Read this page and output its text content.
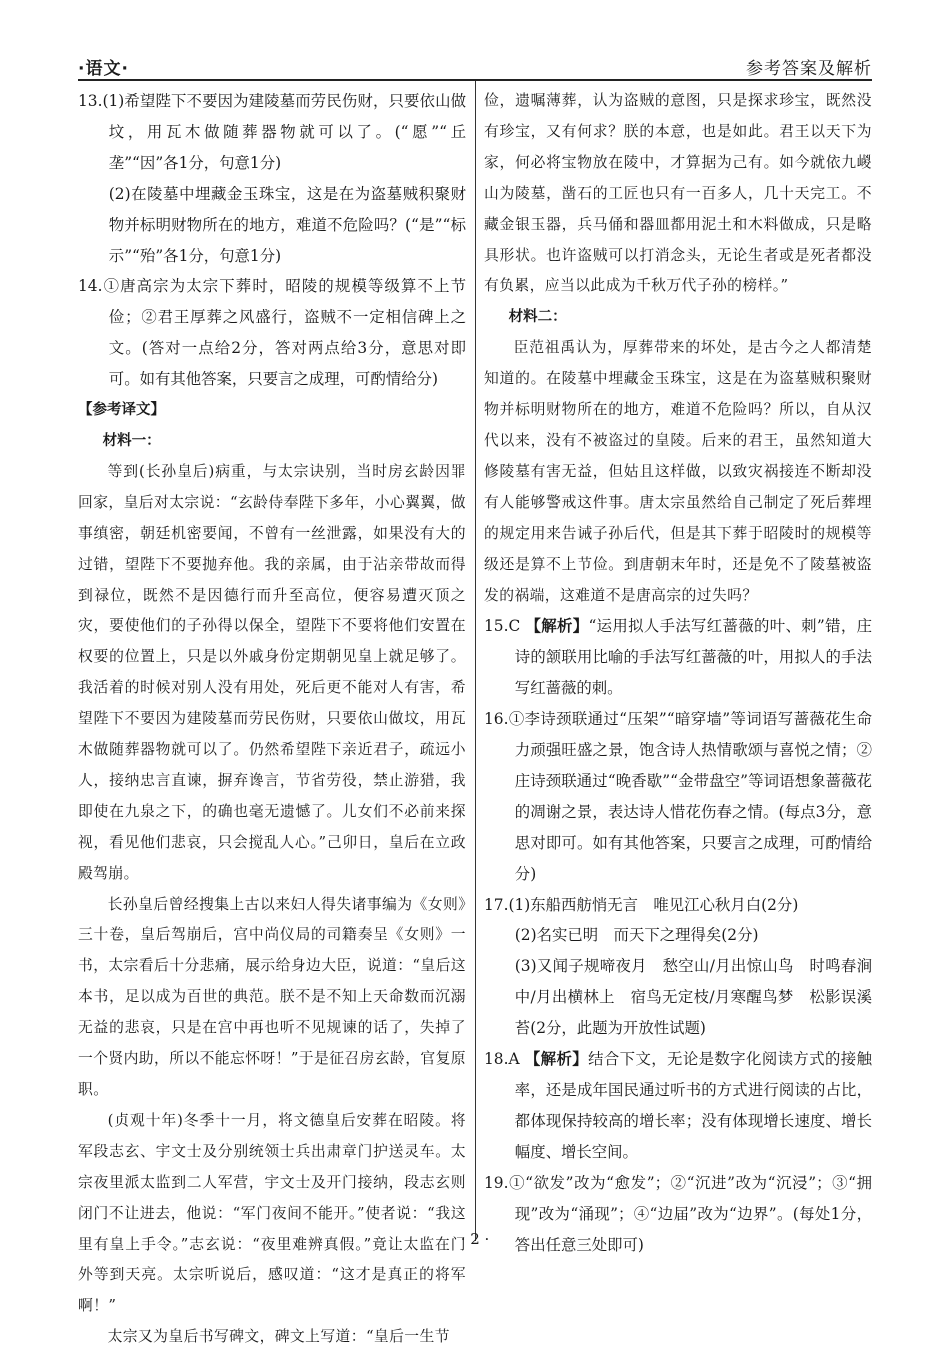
·语文·	参考答案及解析

13.(1)希望陛下不要因为建陵墓而劳民伤财，只要依山做坟，用瓦木做随葬器物就可以了。(“愿”“丘垄”“因”各1分，句意1分)

(2)在陵墓中埋藏金玉珠宝，这是在为盗墓贼积聚财物并标明财物所在的地方，难道不危险吗？(“是”“标示”“殆”各1分，句意1分)

14.①唐高宗为太宗下葬时，昭陵的规模等级算不上节俭；②君王厚葬之风盛行，盗贼不一定相信碑上之文。(答对一点给2分，答对两点给3分，意思对即可。如有其他答案，只要言之成理，可酌情给分)

【参考译文】

材料一：

等到(长孙皇后)病重，与太宗诀别，当时房玄龄因罪回家，皇后对太宗说：“玄龄侍奉陛下多年，小心翼翼，做事缜密，朝廷机密要闻，不曾有一丝泄露，如果没有大的过错，望陛下不要抛弃他。我的亲属，由于沾亲带故而得到禄位，既然不是因德行而升至高位，便容易遭灭顶之灾，要使他们的子孙得以保全，望陛下不要将他们安置在权要的位置上，只是以外戚身份定期朝见皇上就足够了。我活着的时候对别人没有用处，死后更不能对人有害，希望陛下不要因为建陵墓而劳民伤财，只要依山做坟，用瓦木做随葬器物就可以了。仍然希望陛下亲近君子，疏远小人，接纳忠言直谏，摒弃谗言，节省劳役，禁止游猎，我即使在九泉之下，的确也毫无遗憾了。儿女们不必前来探视，看见他们悲哀，只会搅乱人心。”己卯日，皇后在立政殿驾崩。

长孙皇后曾经搜集上古以来妇人得失诸事编为《女则》三十卷，皇后驾崩后，宫中尚仪局的司籍奏呈《女则》一书，太宗看后十分悲痛，展示给身边大臣，说道：“皇后这本书，足以成为百世的典范。朕不是不知上天命数而沉溺无益的悲哀，只是在宫中再也听不见规谏的话了，失掉了一个贤内助，所以不能忘怀呀！”于是征召房玄龄，官复原职。

(贞观十年)冬季十一月，将文德皇后安葬在昭陵。将军段志玄、宇文士及分别统领士兵出肃章门护送灵车。太宗夜里派太监到二人军营，宇文士及开门接纳，段志玄则闭门不让进去，他说：“军门夜间不能开。”使者说：“我这里有皇上手令。”志玄说：“夜里难辨真假。”竟让太监在门外等到天亮。太宗听说后，感叹道：“这才是真正的将军啊！”

太宗又为皇后书写碑文，碑文上写道：“皇后一生节

俭，遗嘱薄葬，认为盗贼的意图，只是探求珍宝，既然没有珍宝，又有何求？朕的本意，也是如此。君王以天下为家，何必将宝物放在陵中，才算据为己有。如今就依九嵕山为陵墓，凿石的工匠也只有一百多人，几十天完工。不藏金银玉器，兵马俑和器皿都用泥土和木料做成，只是略具形状。也许盗贼可以打消念头，无论生者或是死者都没有负累，应当以此成为千秋万代子孙的榜样。”

材料二：

臣范祖禹认为，厚葬带来的坏处，是古今之人都清楚知道的。在陵墓中埋藏金玉珠宝，这是在为盗墓贼积聚财物并标明财物所在的地方，难道不危险吗？所以，自从汉代以来，没有不被盗过的皇陵。后来的君王，虽然知道大修陵墓有害无益，但姑且这样做，以致灾祸接连不断却没有人能够警戒这件事。唐太宗虽然给自己制定了死后葬埋的规定用来告诫子孙后代，但是其下葬于昭陵时的规模等级还是算不上节俭。到唐朝末年时，还是免不了陵墓被盗发的祸端，这难道不是唐高宗的过失吗？

15.C 【解析】“运用拟人手法写红蔷薇的叶、刺”错，庄诗的颔联用比喻的手法写红蔷薇的叶，用拟人的手法写红蔷薇的刺。

16.①李诗颈联通过“压架”“暗穿墙”等词语写蔷薇花生命力顽强旺盛之景，饱含诗人热情歌颂与喜悦之情；②庄诗颈联通过“晚香歇”“金带盘空”等词语想象蔷薇花的凋谢之景，表达诗人惜花伤春之情。(每点3分，意思对即可。如有其他答案，只要言之成理，可酌情给分)

17.(1)东船西舫悄无言　唯见江心秋月白(2分)

(2)名实已明　而天下之理得矣(2分)

(3)又闻子规啼夜月　愁空山/月出惊山鸟　时鸣春涧中/月出横林上　宿鸟无定枝/月寒醒鸟梦　松影误溪苔(2分，此题为开放性试题)

18.A 【解析】结合下文，无论是数字化阅读方式的接触率，还是成年国民通过听书的方式进行阅读的占比，都体现保持较高的增长率；没有体现增长速度、增长幅度、增长空间。

19.①“欲发”改为“愈发”；②“沉进”改为“沉浸”；③“拥现”改为“涌现”；④“边届”改为“边界”。(每处1分，答出任意三处即可)

· 2 ·
